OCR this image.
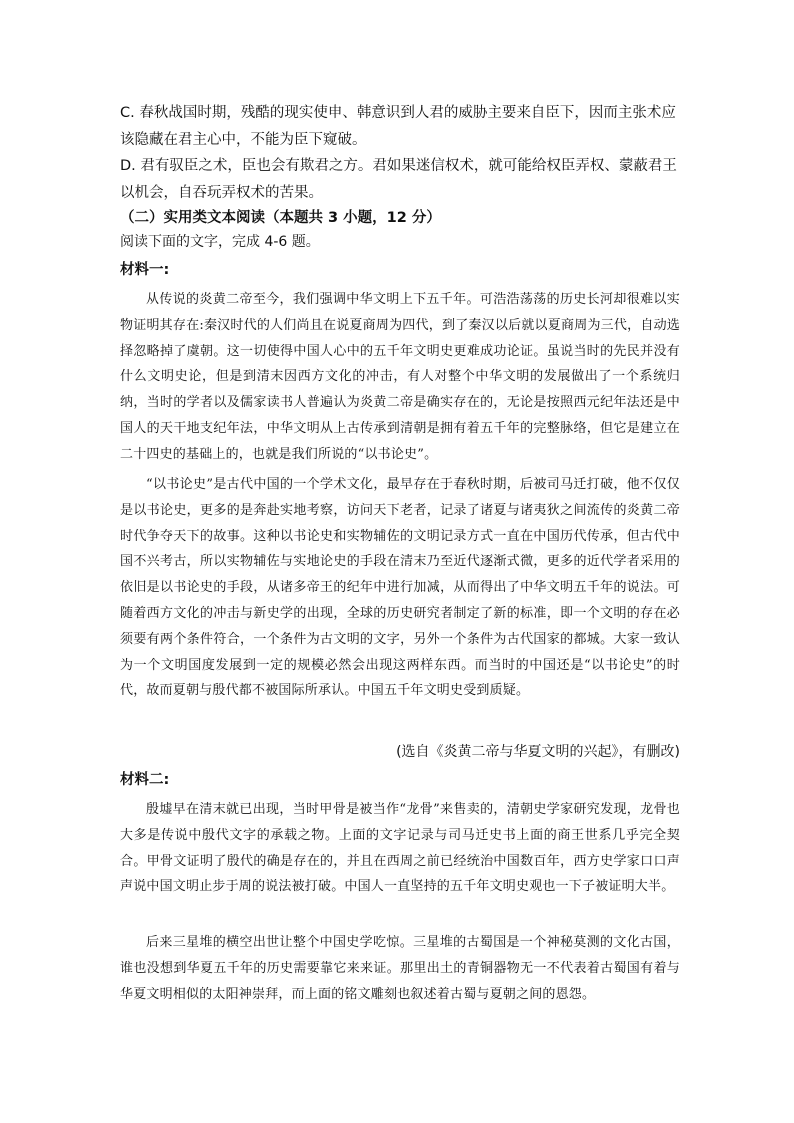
C. 春秋战国时期，残酷的现实使申、韩意识到人君的威胁主要来自臣下，因而主张术应该隐藏在君主心中，不能为臣下窥破。

D. 君有驭臣之术，臣也会有欺君之方。君如果迷信权术，就可能给权臣弄权、蒙蔽君王以机会，自吞玩弄权术的苦果。

（二）实用类文本阅读（本题共 3 小题，12 分）

阅读下面的文字，完成 4-6 题。

材料一:

从传说的炎黄二帝至今，我们强调中华文明上下五千年。可浩浩荡荡的历史长河却很难以实物证明其存在:秦汉时代的人们尚且在说夏商周为四代，到了秦汉以后就以夏商周为三代，自动选择忽略掉了虞朝。这一切使得中国人心中的五千年文明史更难成功论证。虽说当时的先民并没有什么文明史论，但是到清末因西方文化的冲击，有人对整个中华文明的发展做出了一个系统归纳，当时的学者以及儒家读书人普遍认为炎黄二帝是确实存在的，无论是按照西元纪年法还是中国人的天干地支纪年法，中华文明从上古传承到清朝是拥有着五千年的完整脉络，但它是建立在二十四史的基础上的，也就是我们所说的“以书论史”。

“以书论史”是古代中国的一个学术文化，最早存在于春秋时期，后被司马迁打破，他不仅仅是以书论史，更多的是奔赴实地考察，访问天下老者，记录了诸夏与诸夷狄之间流传的炎黄二帝时代争夺天下的故事。这种以书论史和实物辅佐的文明记录方式一直在中国历代传承，但古代中国不兴考古，所以实物辅佐与实地论史的手段在清末乃至近代逐渐式微，更多的近代学者采用的依旧是以书论史的手段，从诸多帝王的纪年中进行加减，从而得出了中华文明五千年的说法。可随着西方文化的冲击与新史学的出现，全球的历史研究者制定了新的标准，即一个文明的存在必须要有两个条件符合，一个条件为古文明的文字，另外一个条件为古代国家的都城。大家一致认为一个文明国度发展到一定的规模必然会出现这两样东西。而当时的中国还是“以书论史”的时代，故而夏朝与殷代都不被国际所承认。中国五千年文明史受到质疑。

(选自《炎黄二帝与华夏文明的兴起》，有删改)

材料二:

殷墟早在清末就已出现，当时甲骨是被当作“龙骨”来售卖的，清朝史学家研究发现，龙骨也大多是传说中殷代文字的承载之物。上面的文字记录与司马迁史书上面的商王世系几乎完全契合。甲骨文证明了殷代的确是存在的，并且在西周之前已经统治中国数百年，西方史学家口口声声说中国文明止步于周的说法被打破。中国人一直坚持的五千年文明史观也一下子被证明大半。

后来三星堆的横空出世让整个中国史学吃惊。三星堆的古蜀国是一个神秘莫测的文化古国，谁也没想到华夏五千年的历史需要靠它来来证。那里出土的青铜器物无一不代表着古蜀国有着与华夏文明相似的太阳神崇拜，而上面的铭文雕刻也叙述着古蜀与夏朝之间的恩怨。
